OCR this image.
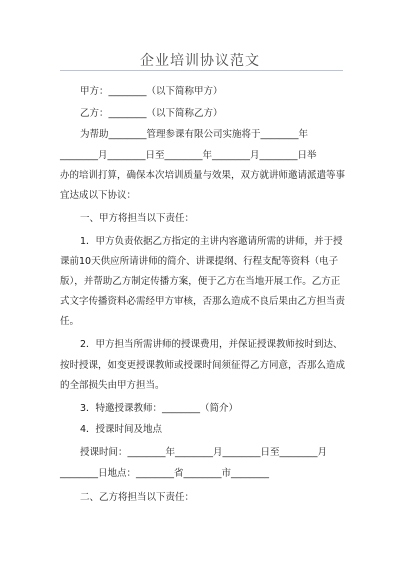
企业培训协议范文
甲方：________（以下简称甲方）
乙方：________（以下简称乙方）
为帮助________管理参课有限公司实施将于________年
________月________日至________年________月________日举
办的培训打算，确保本次培训质量与效果，双方就讲师邀请派遣等事
宜达成以下协议：
一、甲方将担当以下责任：
1．甲方负责依据乙方指定的主讲内容邀请所需的讲师，并于授
课前10天供应所请讲师的简介、讲课提纲、行程支配等资料（电子
版），并帮助乙方制定传播方案，便于乙方在当地开展工作。乙方正
式文字传播资料必需经甲方审核，否那么造成不良后果由乙方担当责
任。
2．甲方担当所需讲师的授课费用，并保证授课教师按时到达、
按时授课，如变更授课教师或授课时间须征得乙方同意，否那么造成
的全部损失由甲方担当。
3．特邀授课教师：________（简介）
4．授课时间及地点
授课时间：________年________月________日至________月
________日地点：________省________市________
二、乙方将担当以下责任：
